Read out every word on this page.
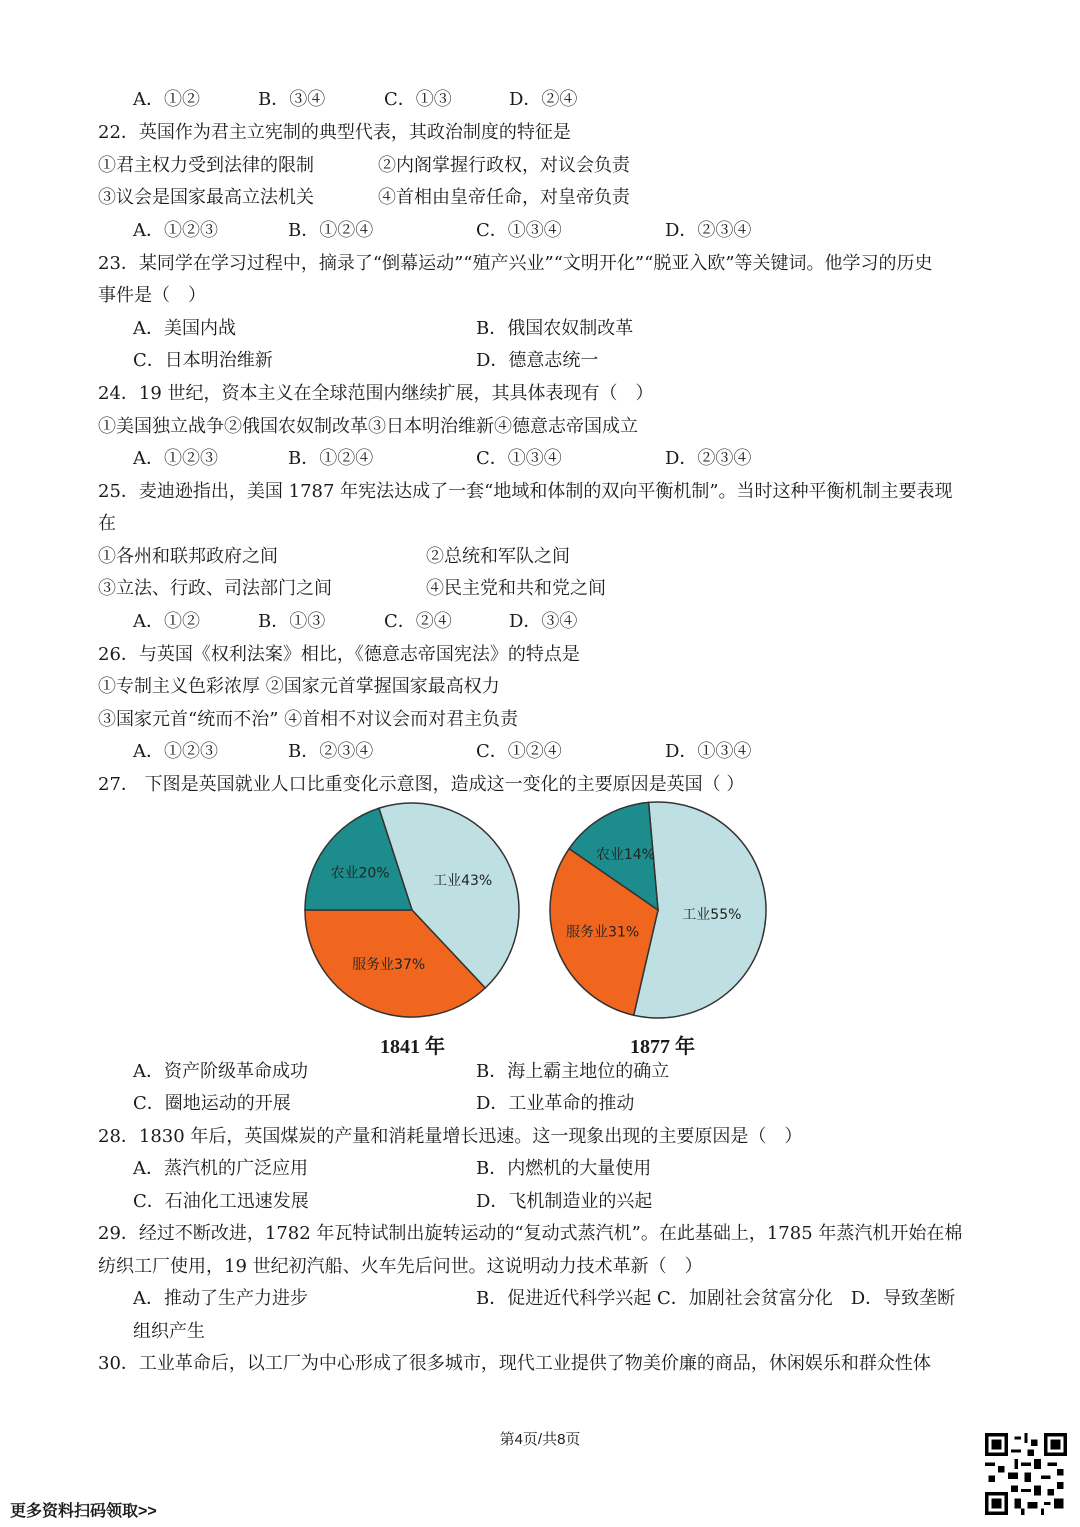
A．①②	B．③④	C．①③	D．②④
22．英国作为君主立宪制的典型代表，其政治制度的特征是
①君主权力受到法律的限制	②内阁掌握行政权，对议会负责
③议会是国家最高立法机关	④首相由皇帝任命，对皇帝负责
A．①②③	B．①②④	C．①③④	D．②③④
23．某同学在学习过程中，摘录了“倒幕运动”“殖产兴业”“文明开化”“脱亚入欧”等关键词。他学习的历史
事件是（　）
A．美国内战	B．俄国农奴制改革
C．日本明治维新	D．德意志统一
24．19 世纪，资本主义在全球范围内继续扩展，其具体表现有（　）
①美国独立战争②俄国农奴制改革③日本明治维新④德意志帝国成立
A．①②③	B．①②④	C．①③④	D．②③④
25．麦迪逊指出，美国 1787 年宪法达成了一套“地域和体制的双向平衡机制”。当时这种平衡机制主要表现
在
①各州和联邦政府之间	②总统和军队之间
③立法、行政、司法部门之间	④民主党和共和党之间
A．①②	B．①③	C．②④	D．③④
26．与英国《权利法案》相比，《德意志帝国宪法》的特点是
①专制主义色彩浓厚 ②国家元首掌握国家最高权力
③国家元首“统而不治” ④首相不对议会而对君主负责
A．①②③	B．②③④	C．①②④	D．①③④
27． 下图是英国就业人口比重变化示意图，造成这一变化的主要原因是英国（ ）
工业43%
服务业37%
农业20%
1841 年
工业55%
服务业31%
农业14%
1877 年
A．资产阶级革命成功	B．海上霸主地位的确立
C．圈地运动的开展	D．工业革命的推动
28．1830 年后，英国煤炭的产量和消耗量增长迅速。这一现象出现的主要原因是（　）
A．蒸汽机的广泛应用	B．内燃机的大量使用
C．石油化工迅速发展	D．飞机制造业的兴起
29．经过不断改进，1782 年瓦特试制出旋转运动的“复动式蒸汽机”。在此基础上，1785 年蒸汽机开始在棉
纺织工厂使用，19 世纪初汽船、火车先后问世。这说明动力技术革新（　）
A．推动了生产力进步	B．促进近代科学兴起 C．加剧社会贫富分化　D．导致垄断
组织产生
30．工业革命后，以工厂为中心形成了很多城市，现代工业提供了物美价廉的商品，休闲娱乐和群众性体
第4页/共8页
更多资料扫码领取>>
